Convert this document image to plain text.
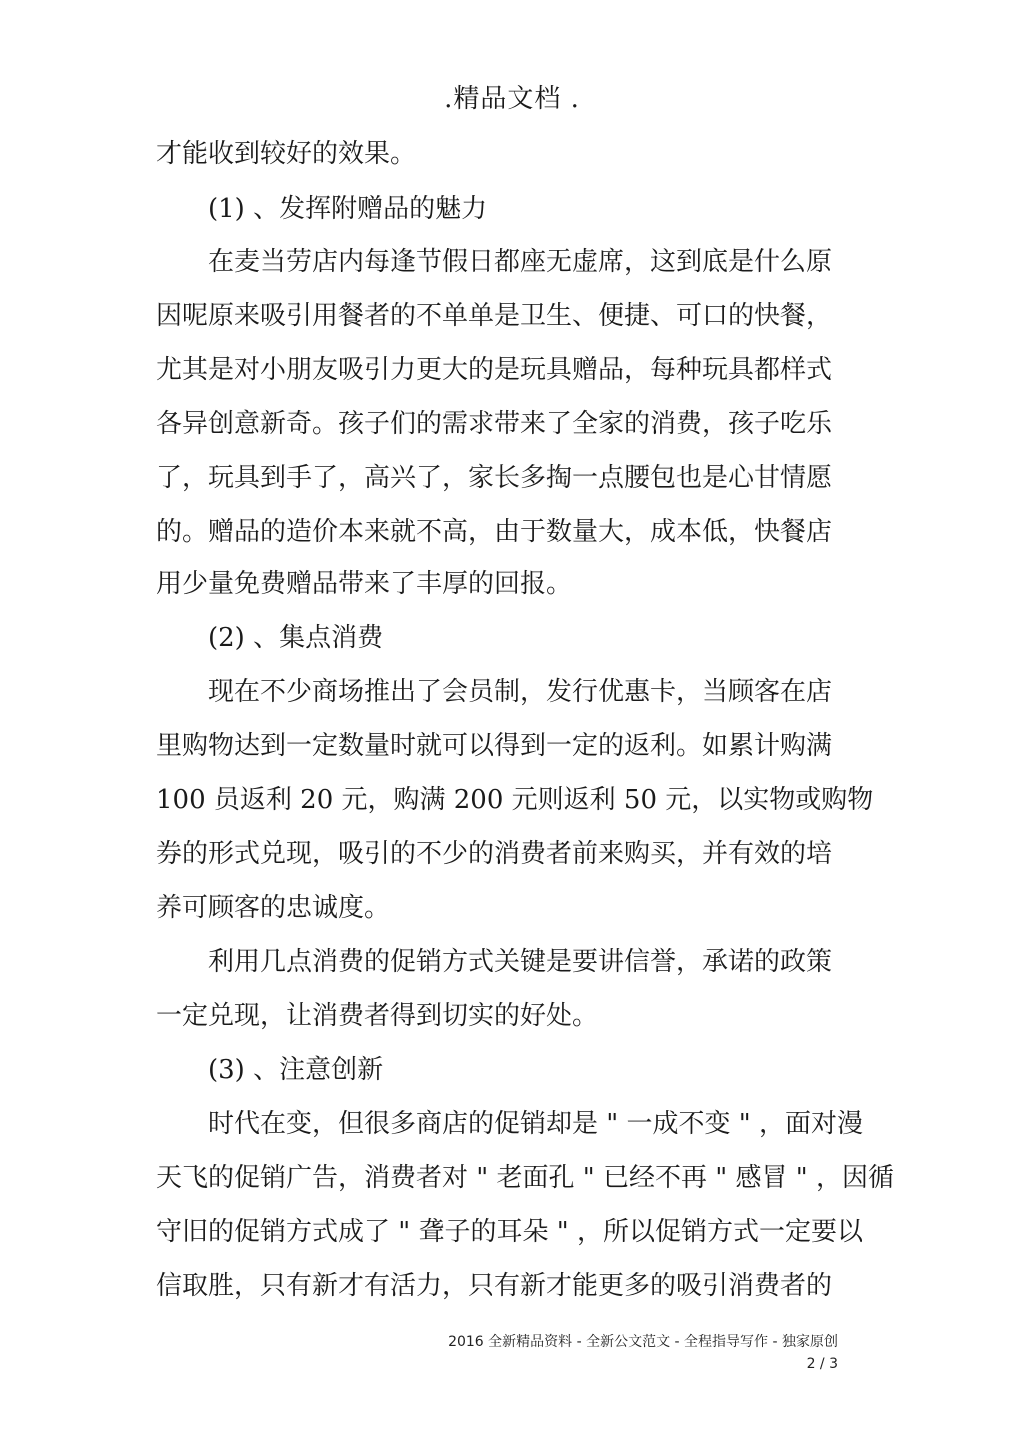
.精品文档 .
才能收到较好的效果。
(1) 、发挥附赠品的魅力
在麦当劳店内每逢节假日都座无虚席，这到底是什么原
因呢原来吸引用餐者的不单单是卫生、便捷、可口的快餐，
尤其是对小朋友吸引力更大的是玩具赠品，每种玩具都样式
各异创意新奇。孩子们的需求带来了全家的消费，孩子吃乐
了，玩具到手了，高兴了，家长多掏一点腰包也是心甘情愿
的。赠品的造价本来就不高，由于数量大，成本低，快餐店
用少量免费赠品带来了丰厚的回报。
(2) 、集点消费
现在不少商场推出了会员制，发行优惠卡，当顾客在店
里购物达到一定数量时就可以得到一定的返利。如累计购满
100 员返利 20 元，购满 200 元则返利 50 元，以实物或购物
券的形式兑现，吸引的不少的消费者前来购买，并有效的培
养可顾客的忠诚度。
利用几点消费的促销方式关键是要讲信誉，承诺的政策
一定兑现，让消费者得到切实的好处。
(3) 、注意创新
时代在变，但很多商店的促销却是 " 一成不变 " ，面对漫
天飞的促销广告，消费者对 " 老面孔 " 已经不再 " 感冒 " ，因循
守旧的促销方式成了 " 聋子的耳朵 " ，所以促销方式一定要以
信取胜，只有新才有活力，只有新才能更多的吸引消费者的
2016 全新精品资料 - 全新公文范文 - 全程指导写作 - 独家原创
2 / 3
